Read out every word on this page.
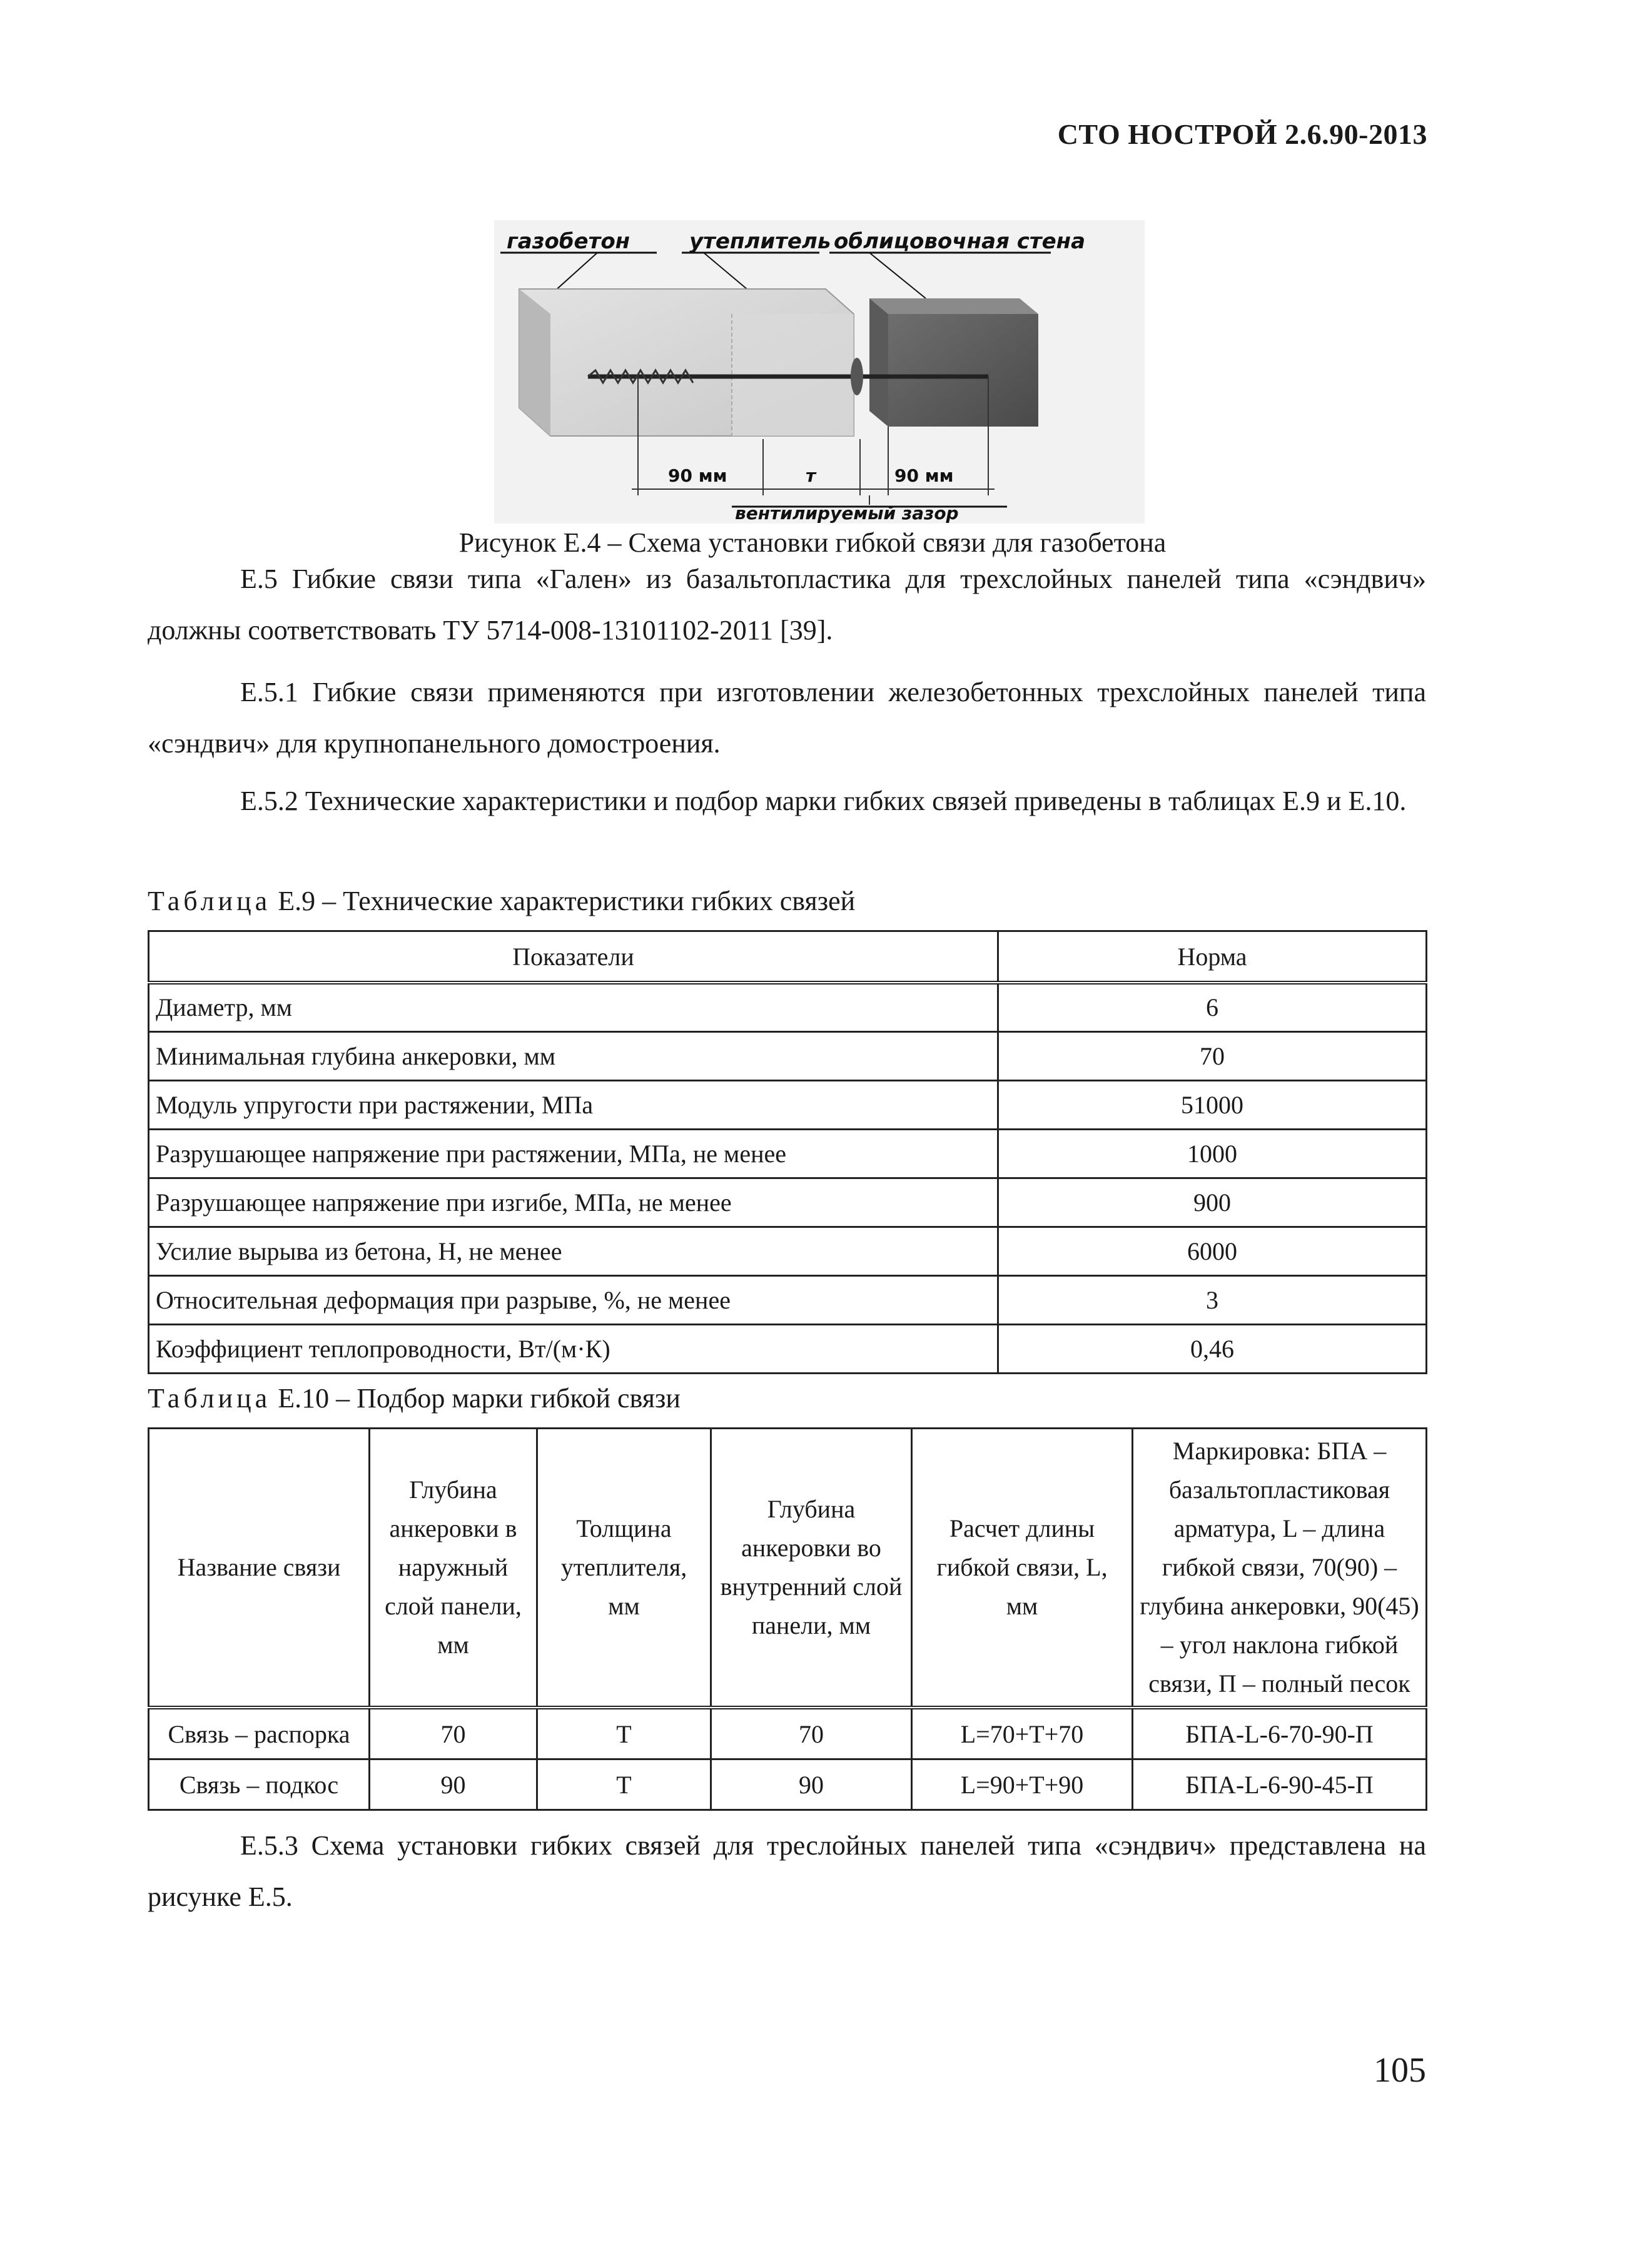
СТО НОСТРОЙ 2.6.90-2013
газобетон	утеплитель облицовочная стена
90 мм	т	90 мм
вентилируемый зазор
Рисунок Е.4 – Схема установки гибкой связи для газобетона

Е.5 Гибкие связи типа «Гален» из базальтопластика для трехслойных панелей типа «сэндвич» должны соответствовать ТУ 5714-008-13101102-2011 [39].

Е.5.1 Гибкие связи применяются при изготовлении железобетонных трехслойных панелей типа «сэндвич» для крупнопанельного домостроения.

Е.5.2 Технические характеристики и подбор марки гибких связей приведены в таблицах Е.9 и Е.10.

Таблица Е.9 – Технические характеристики гибких связей
Показатели	Норма
Диаметр, мм	6
Минимальная глубина анкеровки, мм	70
Модуль упругости при растяжении, МПа	51000
Разрушающее напряжение при растяжении, МПа, не менее	1000
Разрушающее напряжение при изгибе, МПа, не менее	900
Усилие вырыва из бетона, Н, не менее	6000
Относительная деформация при разрыве, %, не менее	3
Коэффициент теплопроводности, Вт/(м·К)	0,46
Таблица Е.10 – Подбор марки гибкой связи
Название связи	Глубина анкеровки в наружный слой панели, мм	Толщина утеплителя, мм	Глубина анкеровки во внутренний слой панели, мм	Расчет длины гибкой связи, L, мм	Маркировка: БПА – базальтопластиковая арматура, L – длина гибкой связи, 70(90) – глубина анкеровки, 90(45) – угол наклона гибкой связи, П – полный песок
Связь – распорка	70	Т	70	L=70+T+70	БПА-L-6-70-90-П
Связь – подкос	90	Т	90	L=90+T+90	БПА-L-6-90-45-П

Е.5.3 Схема установки гибких связей для треслойных панелей типа «сэндвич» представлена на рисунке Е.5.

105
